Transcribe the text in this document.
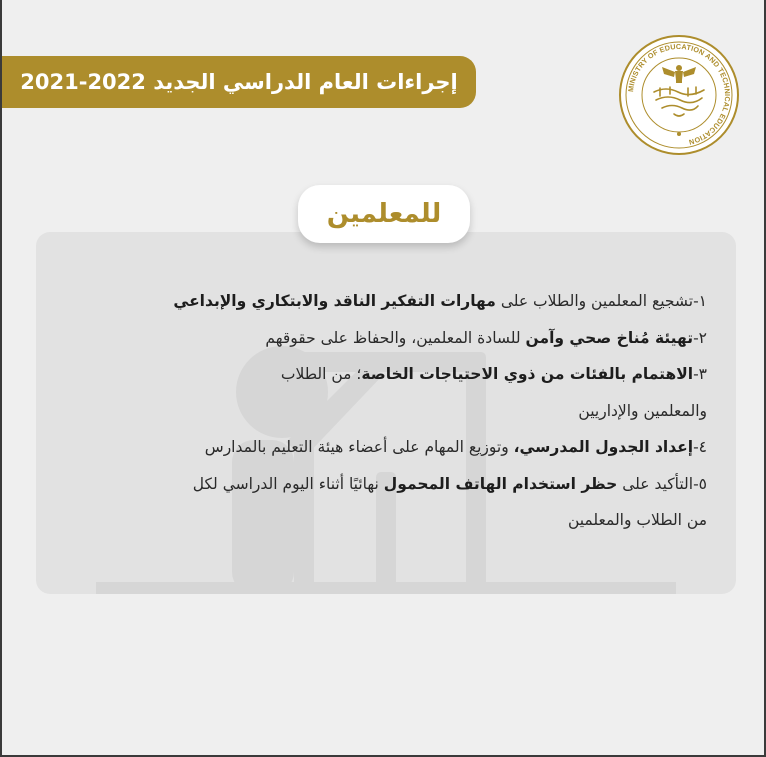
إجراءات العام الدراسي الجديد 2022-2021	MINISTRY OF EDUCATION AND TECHNICAL EDUCATION
للمعلمين
١-تشجيع المعلمين والطلاب على مهارات التفكير الناقد والابتكاري والإبداعي
٢-تهيئة مُناخ صحي وآمن للسادة المعلمين، والحفاظ على حقوقهم
٣-الاهتمام بالفئات من ذوي الاحتياجات الخاصة؛ من الطلاب
والمعلمين والإداريين
٤-إعداد الجدول المدرسي، وتوزيع المهام على أعضاء هيئة التعليم بالمدارس
٥-التأكيد على حظر استخدام الهاتف المحمول نهائيًا أثناء اليوم الدراسي لكل
من الطلاب والمعلمين
